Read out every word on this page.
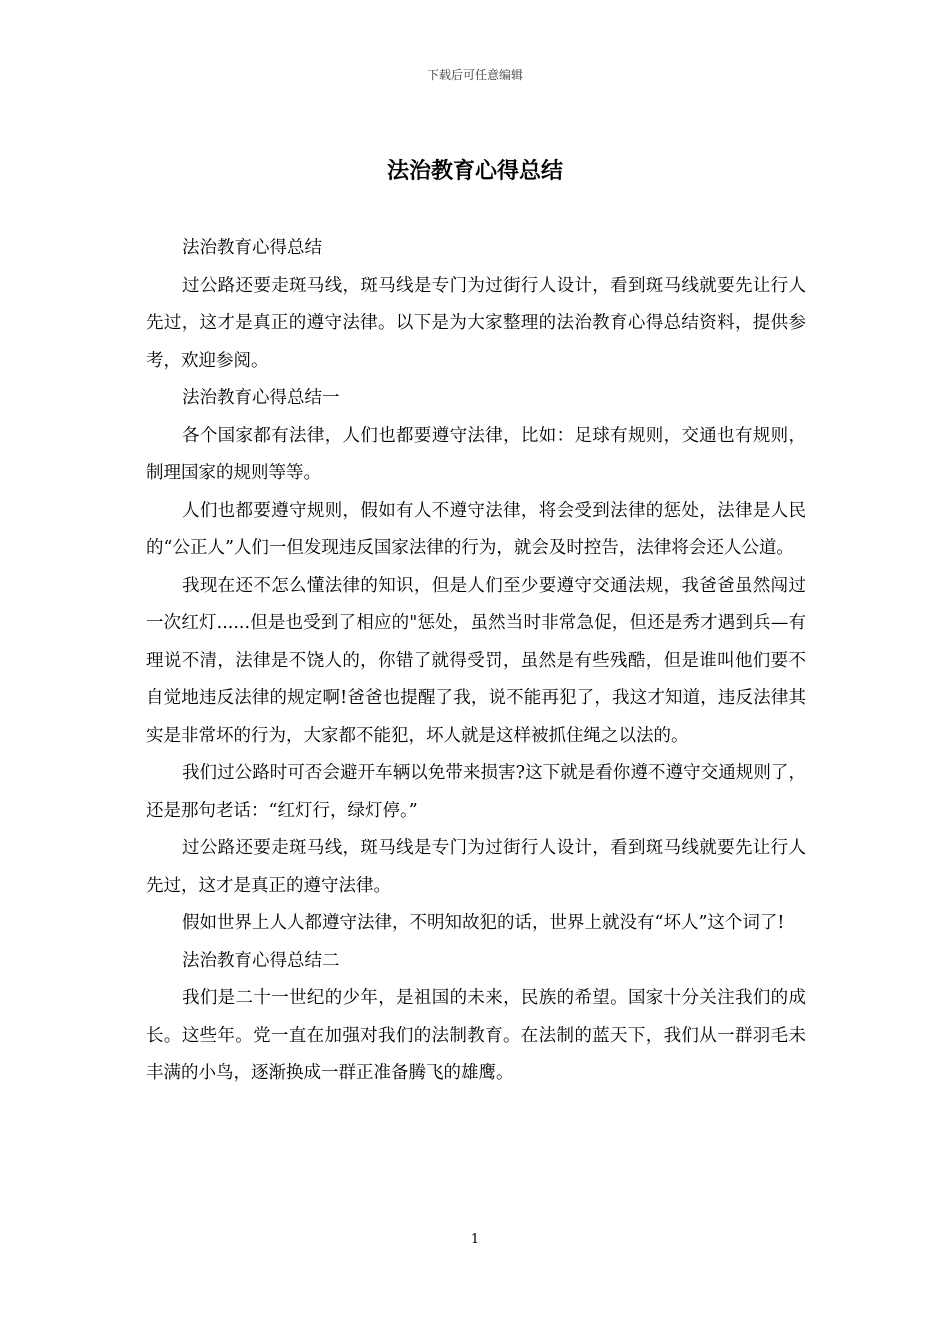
下载后可任意编辑
法治教育心得总结

法治教育心得总结

过公路还要走斑马线，斑马线是专门为过街行人设计，看到斑马线就要先让行人先过，这才是真正的遵守法律。以下是为大家整理的法治教育心得总结资料，提供参考，欢迎参阅。

法治教育心得总结一

各个国家都有法律，人们也都要遵守法律，比如：足球有规则，交通也有规则，制理国家的规则等等。

人们也都要遵守规则，假如有人不遵守法律，将会受到法律的惩处，法律是人民的“公正人”人们一但发现违反国家法律的行为，就会及时控告，法律将会还人公道。

我现在还不怎么懂法律的知识，但是人们至少要遵守交通法规，我爸爸虽然闯过一次红灯......但是也受到了相应的"惩处，虽然当时非常急促，但还是秀才遇到兵—有理说不清，法律是不饶人的，你错了就得受罚，虽然是有些残酷，但是谁叫他们要不自觉地违反法律的规定啊!爸爸也提醒了我，说不能再犯了，我这才知道，违反法律其实是非常坏的行为，大家都不能犯，坏人就是这样被抓住绳之以法的。

我们过公路时可否会避开车辆以免带来损害?这下就是看你遵不遵守交通规则了，还是那句老话：“红灯行，绿灯停。”

过公路还要走斑马线，斑马线是专门为过街行人设计，看到斑马线就要先让行人先过，这才是真正的遵守法律。

假如世界上人人都遵守法律，不明知故犯的话，世界上就没有“坏人”这个词了!

法治教育心得总结二

我们是二十一世纪的少年，是祖国的未来，民族的希望。国家十分关注我们的成长。这些年。党一直在加强对我们的法制教育。在法制的蓝天下，我们从一群羽毛未丰满的小鸟，逐渐换成一群正准备腾飞的雄鹰。

1
